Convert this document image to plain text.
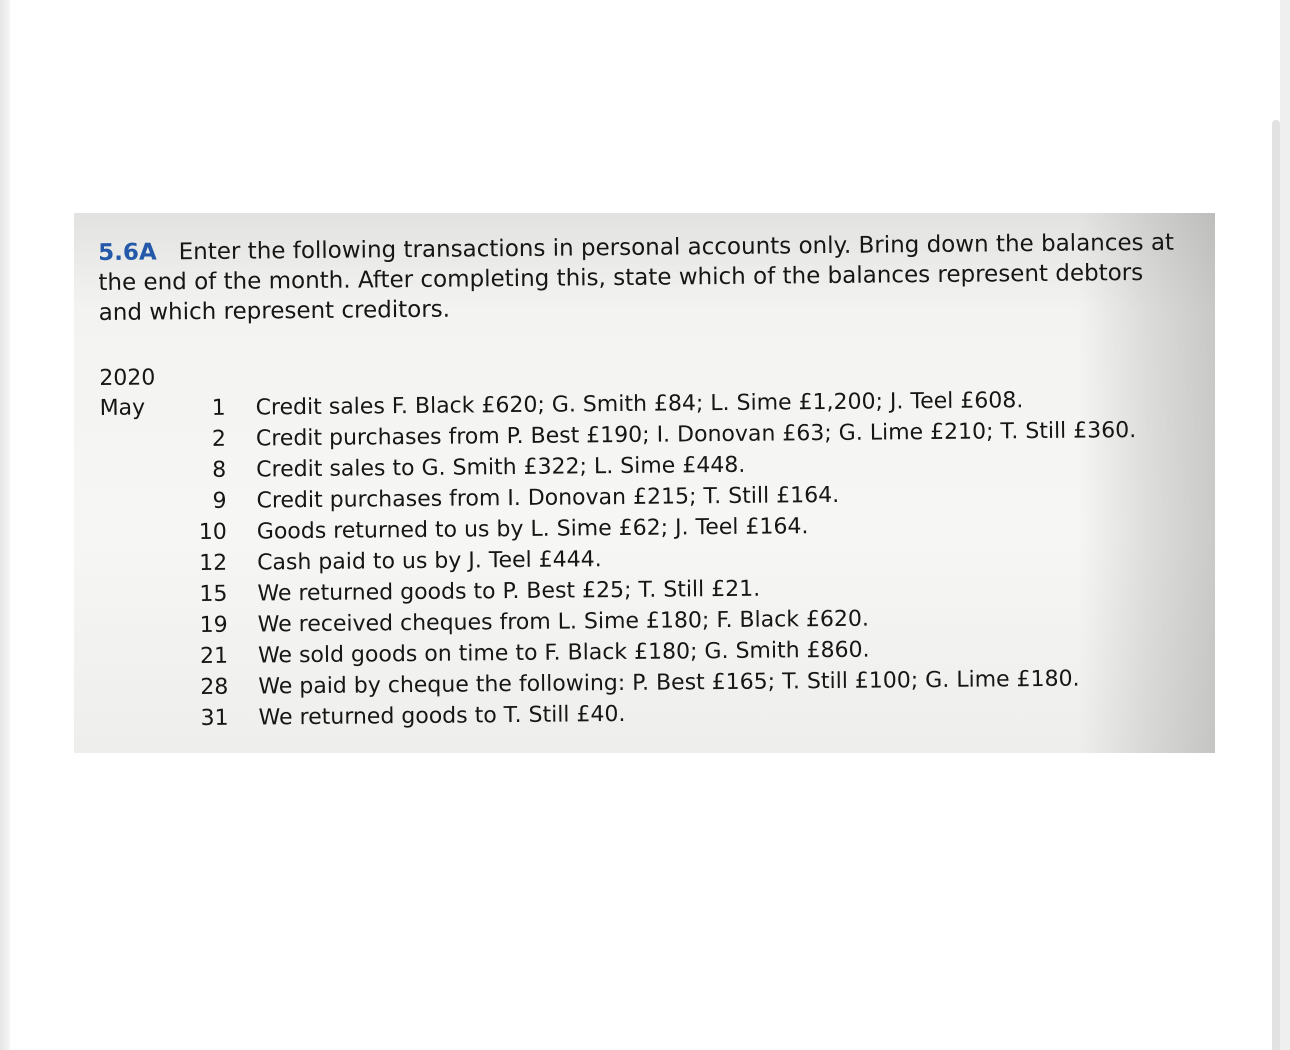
5.6A Enter the following transactions in personal accounts only. Bring down the balances at the end of the month. After completing this, state which of the balances represent debtors and which represent creditors.

2020
May	1	Credit sales F. Black £620; G. Smith £84; L. Sime £1,200; J. Teel £608.
2	Credit purchases from P. Best £190; I. Donovan £63; G. Lime £210; T. Still £360.
8	Credit sales to G. Smith £322; L. Sime £448.
9	Credit purchases from I. Donovan £215; T. Still £164.
10	Goods returned to us by L. Sime £62; J. Teel £164.
12	Cash paid to us by J. Teel £444.
15	We returned goods to P. Best £25; T. Still £21.
19	We received cheques from L. Sime £180; F. Black £620.
21	We sold goods on time to F. Black £180; G. Smith £860.
28	We paid by cheque the following: P. Best £165; T. Still £100; G. Lime £180.
31	We returned goods to T. Still £40.
